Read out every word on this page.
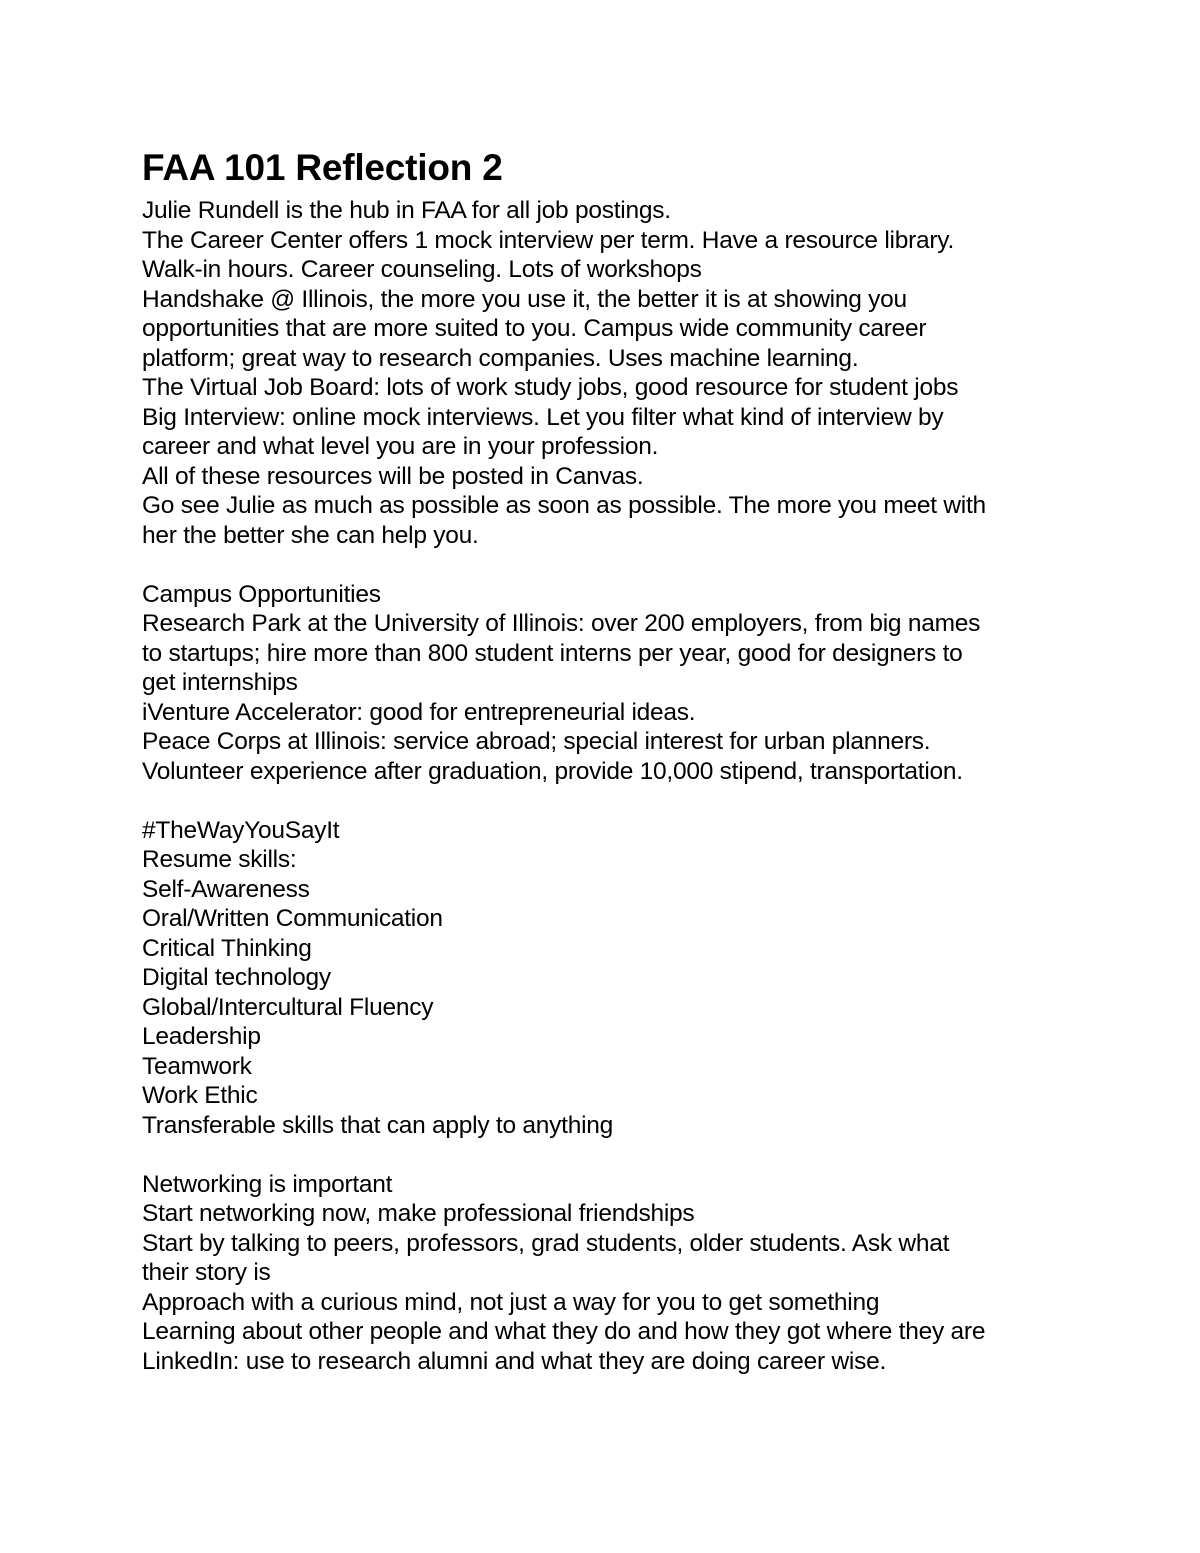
FAA 101 Reflection 2
Julie Rundell is the hub in FAA for all job postings.
The Career Center offers 1 mock interview per term. Have a resource library.
Walk-in hours. Career counseling. Lots of workshops
Handshake @ Illinois, the more you use it, the better it is at showing you
opportunities that are more suited to you. Campus wide community career
platform; great way to research companies. Uses machine learning.
The Virtual Job Board: lots of work study jobs, good resource for student jobs
Big Interview: online mock interviews. Let you filter what kind of interview by
career and what level you are in your profession.
All of these resources will be posted in Canvas.
Go see Julie as much as possible as soon as possible. The more you meet with
her the better she can help you.
Campus Opportunities
Research Park at the University of Illinois: over 200 employers, from big names
to startups; hire more than 800 student interns per year, good for designers to
get internships
iVenture Accelerator: good for entrepreneurial ideas.
Peace Corps at Illinois: service abroad; special interest for urban planners.
Volunteer experience after graduation, provide 10,000 stipend, transportation.
#TheWayYouSayIt
Resume skills:
Self-Awareness
Oral/Written Communication
Critical Thinking
Digital technology
Global/Intercultural Fluency
Leadership
Teamwork
Work Ethic
Transferable skills that can apply to anything
Networking is important
Start networking now, make professional friendships
Start by talking to peers, professors, grad students, older students. Ask what
their story is
Approach with a curious mind, not just a way for you to get something
Learning about other people and what they do and how they got where they are
LinkedIn: use to research alumni and what they are doing career wise.
